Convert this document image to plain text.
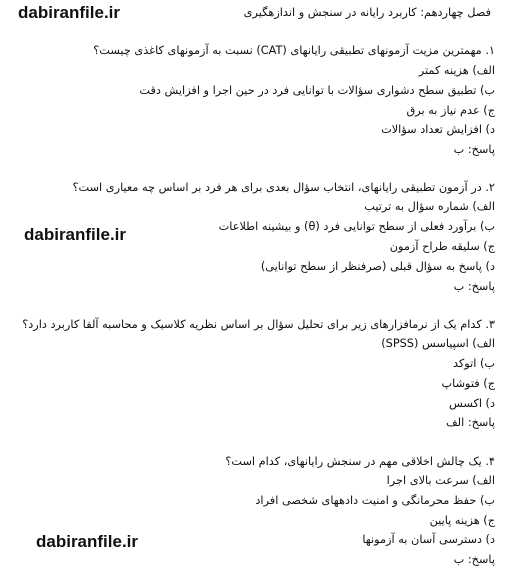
dabiranfile.ir
dabiranfile.ir
dabiranfile.ir
فصل چهاردهم: کاربرد رایانه در سنجش و اندازهگیری
۱. مهمترین مزیت آزمونهای تطبیقی رایانهای (CAT) نسبت به آزمونهای کاغذی چیست؟
الف) هزینه کمتر
ب) تطبیق سطح دشواری سؤالات با توانایی فرد در حین اجرا و افزایش دقت
ج) عدم نیاز به برق
د) افزایش تعداد سؤالات
پاسخ: ب
۲. در آزمون تطبیقی رایانهای، انتخاب سؤال بعدی برای هر فرد بر اساس چه معیاری است؟
الف) شماره سؤال به ترتیب
ب) برآورد فعلی از سطح توانایی فرد (θ) و بیشینه اطلاعات
ج) سلیقه طراح آزمون
د) پاسخ به سؤال قبلی (صرفنظر از سطح توانایی)
پاسخ: ب
۳. کدام یک از نرمافزارهای زیر برای تحلیل سؤال بر اساس نظریه کلاسیک و محاسبه آلفا کاربرد دارد؟
الف) اسپیاسس (SPSS)
ب) اتوکد
ج) فتوشاپ
د) اکسس
پاسخ: الف
۴. یک چالش اخلاقی مهم در سنجش رایانهای، کدام است؟
الف) سرعت بالای اجرا
ب) حفظ محرمانگی و امنیت دادههای شخصی افراد
ج) هزینه پایین
د) دسترسی آسان به آزمونها
پاسخ: ب
